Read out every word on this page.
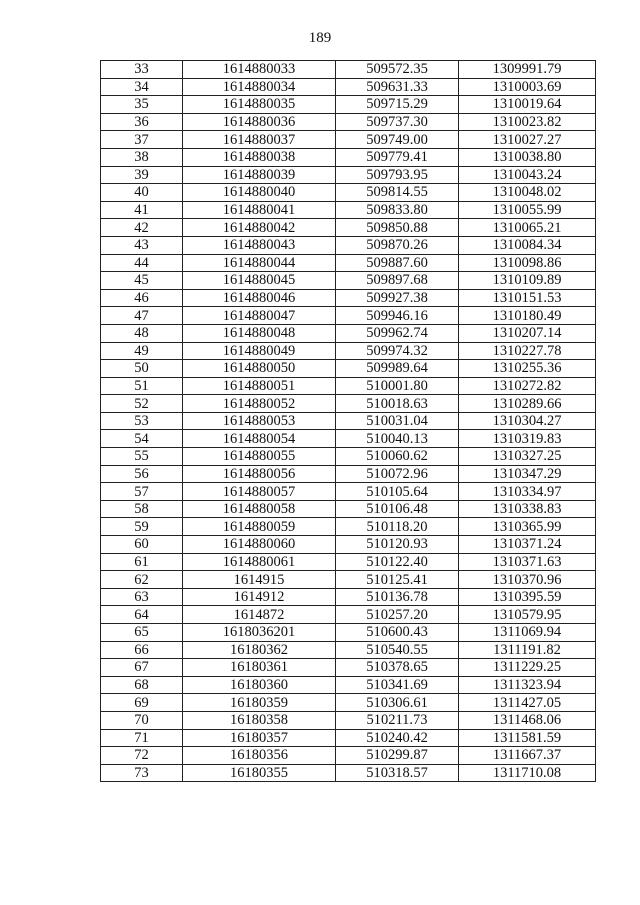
189
33	1614880033	509572.35	1309991.79
34	1614880034	509631.33	1310003.69
35	1614880035	509715.29	1310019.64
36	1614880036	509737.30	1310023.82
37	1614880037	509749.00	1310027.27
38	1614880038	509779.41	1310038.80
39	1614880039	509793.95	1310043.24
40	1614880040	509814.55	1310048.02
41	1614880041	509833.80	1310055.99
42	1614880042	509850.88	1310065.21
43	1614880043	509870.26	1310084.34
44	1614880044	509887.60	1310098.86
45	1614880045	509897.68	1310109.89
46	1614880046	509927.38	1310151.53
47	1614880047	509946.16	1310180.49
48	1614880048	509962.74	1310207.14
49	1614880049	509974.32	1310227.78
50	1614880050	509989.64	1310255.36
51	1614880051	510001.80	1310272.82
52	1614880052	510018.63	1310289.66
53	1614880053	510031.04	1310304.27
54	1614880054	510040.13	1310319.83
55	1614880055	510060.62	1310327.25
56	1614880056	510072.96	1310347.29
57	1614880057	510105.64	1310334.97
58	1614880058	510106.48	1310338.83
59	1614880059	510118.20	1310365.99
60	1614880060	510120.93	1310371.24
61	1614880061	510122.40	1310371.63
62	1614915	510125.41	1310370.96
63	1614912	510136.78	1310395.59
64	1614872	510257.20	1310579.95
65	1618036201	510600.43	1311069.94
66	16180362	510540.55	1311191.82
67	16180361	510378.65	1311229.25
68	16180360	510341.69	1311323.94
69	16180359	510306.61	1311427.05
70	16180358	510211.73	1311468.06
71	16180357	510240.42	1311581.59
72	16180356	510299.87	1311667.37
73	16180355	510318.57	1311710.08
